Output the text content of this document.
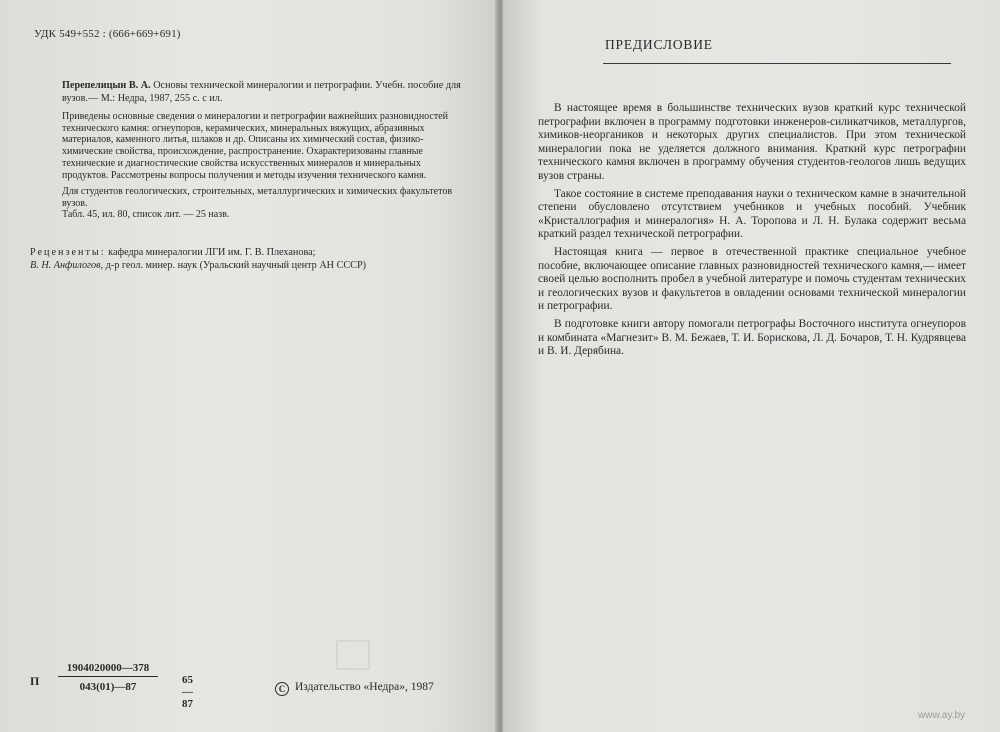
УДК 549+552 : (666+669+691)
Перепелицын В. А. Основы технической минералогии и петрографии. Учебн. пособие для вузов.— М.: Недра, 1987, 255 с. с ил.

Приведены основные сведения о минералогии и петрографии важнейших разновидностей технического камня: огнеупоров, керамических, минеральных вяжущих, абразивных материалов, каменного литья, шлаков и др. Описаны их химический состав, физико-химические свойства, происхождение, распространение. Охарактеризованы главные технические и диагностические свойства искусственных минералов и минеральных продуктов. Рассмотрены вопросы получения и методы изучения технического камня.

Для студентов геологических, строительных, металлургических и химических факультетов вузов.
Табл. 45, ил. 80, список лит. — 25 назв.
Рецензенты: кафедра минералогии ЛГИ им. Г. В. Плеханова;
В. Н. Анфилогов, д-р геол. минер. наук (Уральский научный центр АН СССР)
П
1904020000—378
043(01)—87
65—87
C Издательство «Недра», 1987
ПРЕДИСЛОВИЕ

В настоящее время в большинстве технических вузов краткий курс технической петрографии включен в программу подготовки инженеров-силикатчиков, металлургов, химиков-неоргаников и некоторых других специалистов. При этом технической минералогии пока не уделяется должного внимания. Краткий курс петрографии технического камня включен в программу обучения студентов-геологов лишь ведущих вузов страны.

Такое состояние в системе преподавания науки о техническом камне в значительной степени обусловлено отсутствием учебников и учебных пособий. Учебник «Кристаллография и минералогия» Н. А. Торопова и Л. Н. Булака содержит весьма краткий раздел технической петрографии.

Настоящая книга — первое в отечественной практике специальное учебное пособие, включающее описание главных разновидностей технического камня,— имеет своей целью восполнить пробел в учебной литературе и помочь студентам технических и геологических вузов и факультетов в овладении основами технической минералогии и петрографии.

В подготовке книги автору помогали петрографы Восточного института огнеупоров и комбината «Магнезит» В. М. Бежаев, Т. И. Борискова, Л. Д. Бочаров, Т. Н. Кудрявцева и В. И. Дерябина.

www.ay.by
